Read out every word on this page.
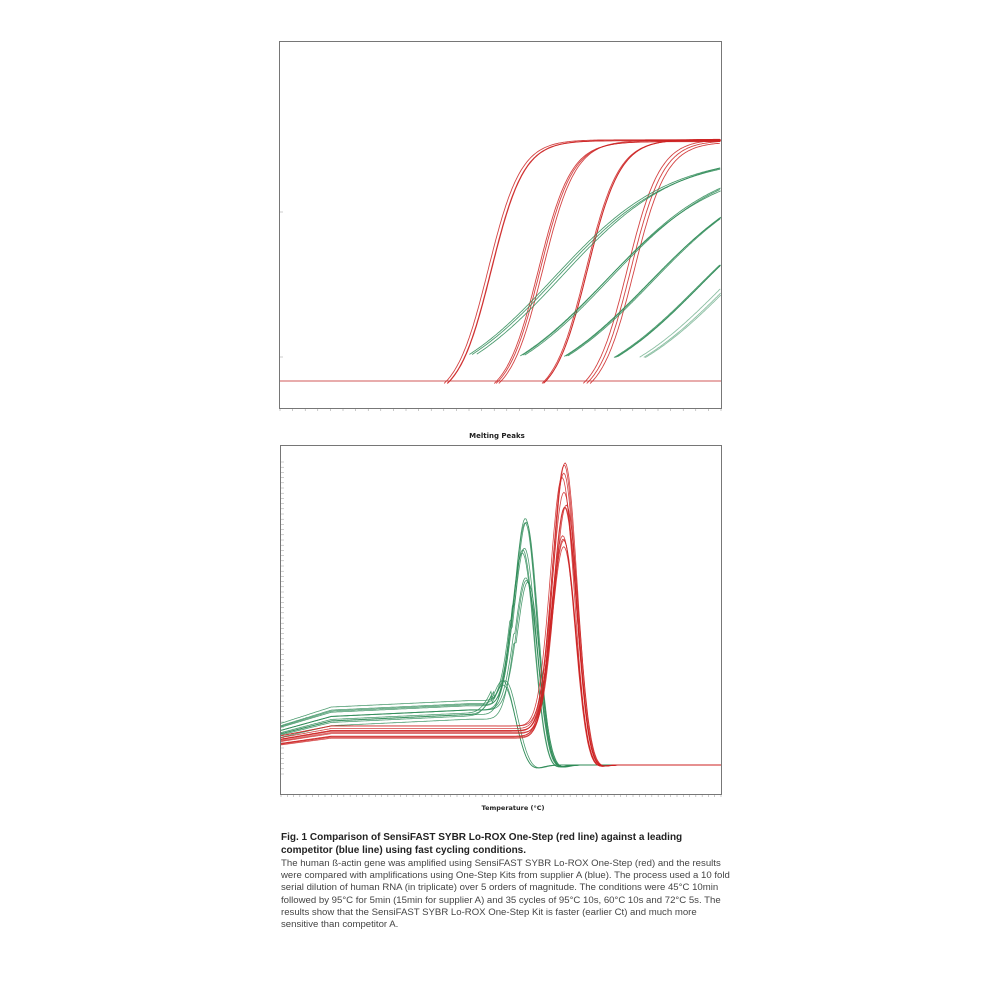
Melting Peaks
Temperature (°C)

Fig. 1 Comparison of SensiFAST SYBR Lo-ROX One-Step (red line) against a leading competitor (blue line) using fast cycling conditions.

The human ß-actin gene was amplified using SensiFAST SYBR Lo-ROX One-Step (red) and the results were compared with amplifications using One-Step Kits from supplier A (blue). The process used a 10 fold serial dilution of human RNA (in triplicate) over 5 orders of magnitude. The conditions were 45°C 10min followed by 95°C for 5min (15min for supplier A) and 35 cycles of 95°C 10s, 60°C 10s and 72°C 5s. The results show that the SensiFAST SYBR Lo-ROX One-Step Kit is faster (earlier Ct) and much more sensitive than competitor A.
